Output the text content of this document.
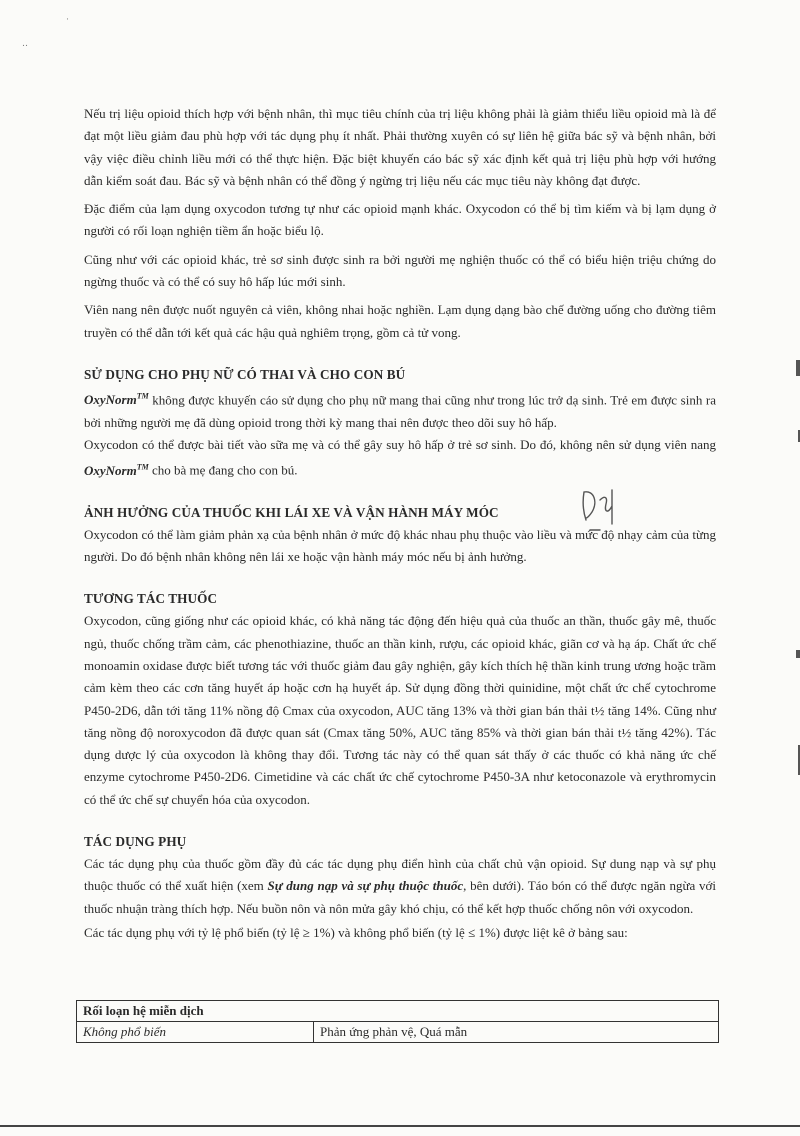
‥
·

Nếu trị liệu opioid thích hợp với bệnh nhân, thì mục tiêu chính của trị liệu không phải là giảm thiểu liều opioid mà là để đạt một liều giảm đau phù hợp với tác dụng phụ ít nhất. Phải thường xuyên có sự liên hệ giữa bác sỹ và bệnh nhân, bởi vậy việc điều chỉnh liều mới có thể thực hiện. Đặc biệt khuyến cáo bác sỹ xác định kết quả trị liệu phù hợp với hướng dẫn kiểm soát đau. Bác sỹ và bệnh nhân có thể đồng ý ngừng trị liệu nếu các mục tiêu này không đạt được.

Đặc điểm của lạm dụng oxycodon tương tự như các opioid mạnh khác. Oxycodon có thể bị tìm kiếm và bị lạm dụng ở người có rối loạn nghiện tiềm ẩn hoặc biểu lộ.

Cũng như với các opioid khác, trẻ sơ sinh được sinh ra bởi người mẹ nghiện thuốc có thể có biểu hiện triệu chứng do ngừng thuốc và có thể có suy hô hấp lúc mới sinh.

Viên nang nên được nuốt nguyên cả viên, không nhai hoặc nghiền. Lạm dụng dạng bào chế đường uống cho đường tiêm truyền có thể dẫn tới kết quả các hậu quả nghiêm trọng, gồm cả tử vong.

SỬ DỤNG CHO PHỤ NỮ CÓ THAI VÀ CHO CON BÚ

OxyNorm™ không được khuyến cáo sử dụng cho phụ nữ mang thai cũng như trong lúc trở dạ sinh. Trẻ em được sinh ra bởi những người mẹ đã dùng opioid trong thời kỳ mang thai nên được theo dõi suy hô hấp.

Oxycodon có thể được bài tiết vào sữa mẹ và có thể gây suy hô hấp ở trẻ sơ sinh. Do đó, không nên sử dụng viên nang OxyNorm™ cho bà mẹ đang cho con bú.

ẢNH HƯỞNG CỦA THUỐC KHI LÁI XE VÀ VẬN HÀNH MÁY MÓC

Oxycodon có thể làm giảm phản xạ của bệnh nhân ở mức độ khác nhau phụ thuộc vào liều và mức độ nhạy cảm của từng người. Do đó bệnh nhân không nên lái xe hoặc vận hành máy móc nếu bị ảnh hưởng.

TƯƠNG TÁC THUỐC

Oxycodon, cũng giống như các opioid khác, có khả năng tác động đến hiệu quả của thuốc an thần, thuốc gây mê, thuốc ngủ, thuốc chống trầm cảm, các phenothiazine, thuốc an thần kinh, rượu, các opioid khác, giãn cơ và hạ áp. Chất ức chế monoamin oxidase được biết tương tác với thuốc giảm đau gây nghiện, gây kích thích hệ thần kinh trung ương hoặc trầm cảm kèm theo các cơn tăng huyết áp hoặc cơn hạ huyết áp. Sử dụng đồng thời quinidine, một chất ức chế cytochrome P450-2D6, dẫn tới tăng 11% nồng độ Cmax của oxycodon, AUC tăng 13% và thời gian bán thải t½ tăng 14%. Cũng như tăng nồng độ noroxycodon đã được quan sát (Cmax tăng 50%, AUC tăng 85% và thời gian bán thải t½ tăng 42%). Tác dụng dược lý của oxycodon là không thay đổi. Tương tác này có thể quan sát thấy ở các thuốc có khả năng ức chế enzyme cytochrome P450-2D6. Cimetidine và các chất ức chế cytochrome P450-3A như ketoconazole và erythromycin có thể ức chế sự chuyển hóa của oxycodon.

TÁC DỤNG PHỤ

Các tác dụng phụ của thuốc gồm đầy đủ các tác dụng phụ điển hình của chất chủ vận opioid. Sự dung nạp và sự phụ thuộc thuốc có thể xuất hiện (xem Sự dung nạp và sự phụ thuộc thuốc, bên dưới). Táo bón có thể được ngăn ngừa với thuốc nhuận tràng thích hợp. Nếu buồn nôn và nôn mửa gây khó chịu, có thể kết hợp thuốc chống nôn với oxycodon.

Các tác dụng phụ với tỷ lệ phổ biến (tỷ lệ ≥ 1%) và không phổ biến (tỷ lệ ≤ 1%) được liệt kê ở bảng sau:

Rối loạn hệ miễn dịch
Không phổ biến	Phản ứng phản vệ, Quá mẫn
